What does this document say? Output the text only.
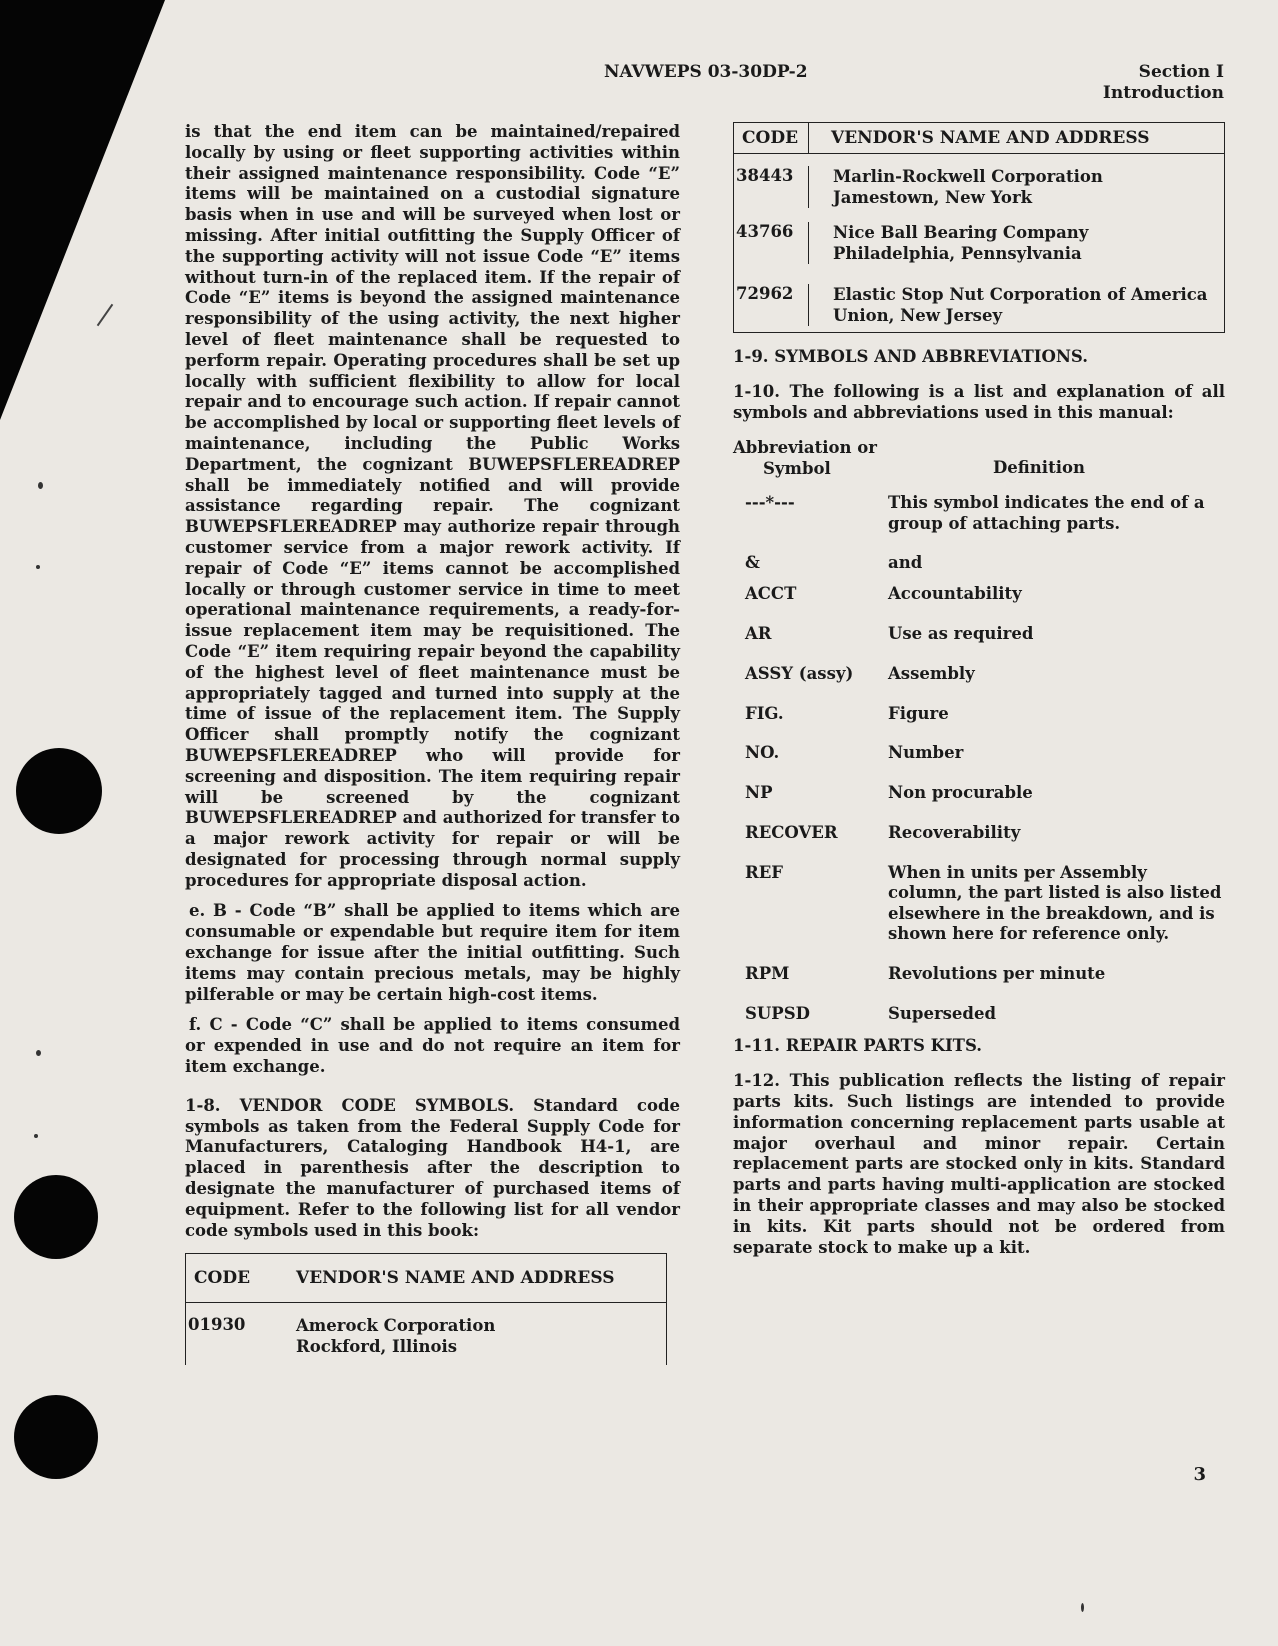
NAVWEPS 03-30DP-2	Section I
Introduction

is that the end item can be maintained/repaired locally by using or fleet supporting activities within their assigned maintenance responsibility. Code “E” items will be maintained on a custodial signature basis when in use and will be surveyed when lost or missing. After initial outfitting the Supply Officer of the supporting activity will not issue Code “E” items without turn-in of the replaced item. If the repair of Code “E” items is beyond the assigned maintenance responsibility of the using activity, the next higher level of fleet maintenance shall be requested to perform repair. Operating procedures shall be set up locally with sufficient flexibility to allow for local repair and to encourage such action. If repair cannot be accomplished by local or supporting fleet levels of maintenance, including the Public Works Department, the cognizant BUWEPSFLEREADREP shall be immediately notified and will provide assistance regarding repair. The cognizant BUWEPSFLEREADREP may authorize repair through customer service from a major rework activity. If repair of Code “E” items cannot be accomplished locally or through customer service in time to meet operational maintenance requirements, a ready-for-issue replacement item may be requisitioned. The Code “E” item requiring repair beyond the capability of the highest level of fleet maintenance must be appropriately tagged and turned into supply at the time of issue of the replacement item. The Supply Officer shall promptly notify the cognizant BUWEPSFLEREADREP who will provide for screening and disposition. The item requiring repair will be screened by the cognizant BUWEPSFLEREADREP and authorized for transfer to a major rework activity for repair or will be designated for processing through normal supply procedures for appropriate disposal action.

e. B - Code “B” shall be applied to items which are consumable or expendable but require item for item exchange for issue after the initial outfitting. Such items may contain precious metals, may be highly pilferable or may be certain high-cost items.

f. C - Code “C” shall be applied to items consumed or expended in use and do not require an item for item exchange.

1-8. VENDOR CODE SYMBOLS. Standard code symbols as taken from the Federal Supply Code for Manufacturers, Cataloging Handbook H4-1, are placed in parenthesis after the description to designate the manufacturer of purchased items of equipment. Refer to the following list for all vendor code symbols used in this book:

CODE	VENDOR'S NAME AND ADDRESS
01930	Amerock Corporation
Rockford, Illinois
CODE	VENDOR'S NAME AND ADDRESS
38443	Marlin-Rockwell Corporation
Jamestown, New York
43766	Nice Ball Bearing Company
Philadelphia, Pennsylvania
72962	Elastic Stop Nut Corporation of America
Union, New Jersey
1-9. SYMBOLS AND ABBREVIATIONS.

1-10. The following is a list and explanation of all symbols and abbreviations used in this manual:

Abbreviation or
Symbol	Definition
---*---	This symbol indicates the end of a group of attaching parts.
&	and
ACCT	Accountability
AR	Use as required
ASSY (assy)	Assembly
FIG.	Figure
NO.	Number
NP	Non procurable
RECOVER	Recoverability
REF	When in units per Assembly column, the part listed is also listed elsewhere in the breakdown, and is shown here for reference only.
RPM	Revolutions per minute
SUPSD	Superseded
1-11. REPAIR PARTS KITS.

1-12. This publication reflects the listing of repair parts kits. Such listings are intended to provide information concerning replacement parts usable at major overhaul and minor repair. Certain replacement parts are stocked only in kits. Standard parts and parts having multi-application are stocked in their appropriate classes and may also be stocked in kits. Kit parts should not be ordered from separate stock to make up a kit.

3
